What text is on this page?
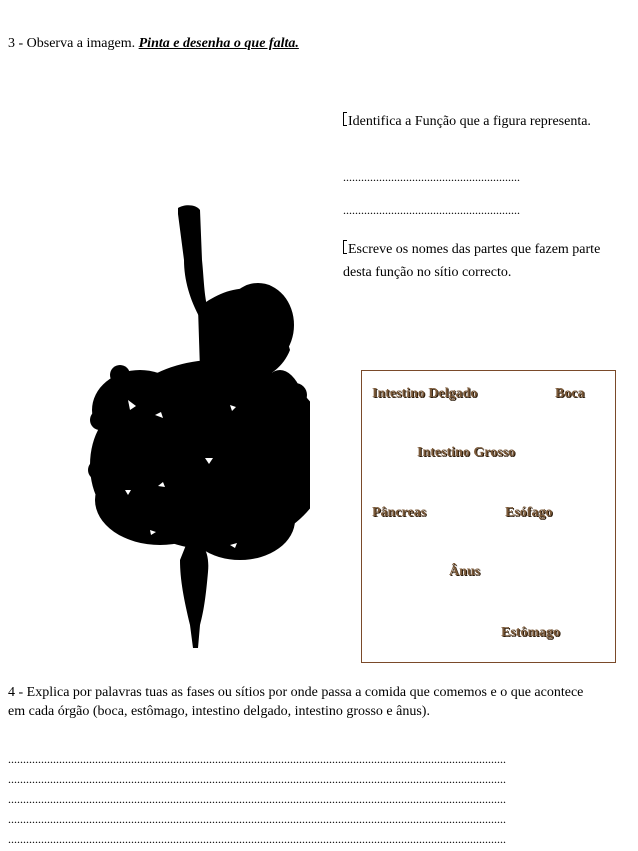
3 - Observa a imagem. Pinta e desenha o que falta.
Identifica a Função que a figura representa.
...........................................................
...........................................................
Escreve os nomes das partes que fazem parte desta função no sítio correcto.
Intestino Delgado	Boca
Intestino Grosso
Pâncreas	Esófago
Ânus
Estômago
4 - Explica por palavras tuas as fases ou sítios por onde passa a comida que comemos e o que acontece em cada órgão (boca, estômago, intestino delgado, intestino grosso e ânus).
......................................................................................................................................................................
......................................................................................................................................................................
......................................................................................................................................................................
......................................................................................................................................................................
......................................................................................................................................................................
